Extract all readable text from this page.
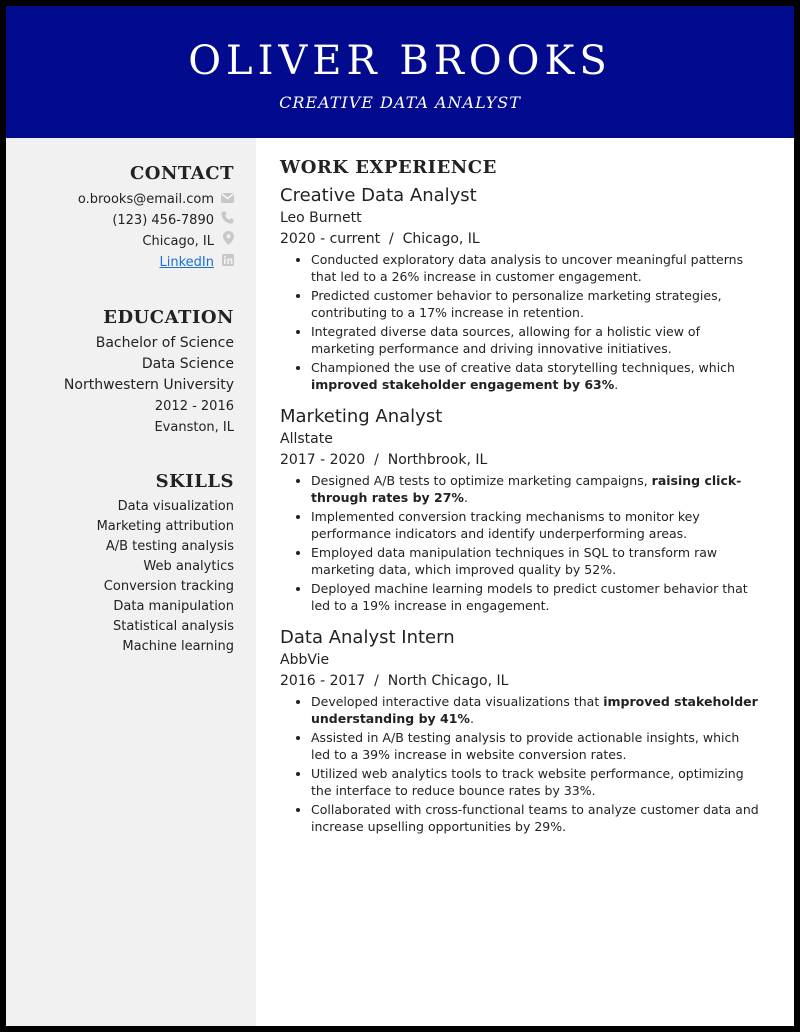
OLIVER BROOKS
CREATIVE DATA ANALYST
CONTACT
o.brooks@email.com
(123) 456-7890
Chicago, IL
LinkedIn
EDUCATION
Bachelor of Science
Data Science
Northwestern University
2012 - 2016
Evanston, IL
SKILLS
Data visualization
Marketing attribution
A/B testing analysis
Web analytics
Conversion tracking
Data manipulation
Statistical analysis
Machine learning
WORK EXPERIENCE
Creative Data Analyst
Leo Burnett
2020 - current  /  Chicago, IL
Conducted exploratory data analysis to uncover meaningful patterns that led to a 26% increase in customer engagement.
Predicted customer behavior to personalize marketing strategies, contributing to a 17% increase in retention.
Integrated diverse data sources, allowing for a holistic view of marketing performance and driving innovative initiatives.
Championed the use of creative data storytelling techniques, which improved stakeholder engagement by 63%.
Marketing Analyst
Allstate
2017 - 2020  /  Northbrook, IL
Designed A/B tests to optimize marketing campaigns, raising click-through rates by 27%.
Implemented conversion tracking mechanisms to monitor key performance indicators and identify underperforming areas.
Employed data manipulation techniques in SQL to transform raw marketing data, which improved quality by 52%.
Deployed machine learning models to predict customer behavior that led to a 19% increase in engagement.
Data Analyst Intern
AbbVie
2016 - 2017  /  North Chicago, IL
Developed interactive data visualizations that improved stakeholder understanding by 41%.
Assisted in A/B testing analysis to provide actionable insights, which led to a 39% increase in website conversion rates.
Utilized web analytics tools to track website performance, optimizing the interface to reduce bounce rates by 33%.
Collaborated with cross-functional teams to analyze customer data and increase upselling opportunities by 29%.
